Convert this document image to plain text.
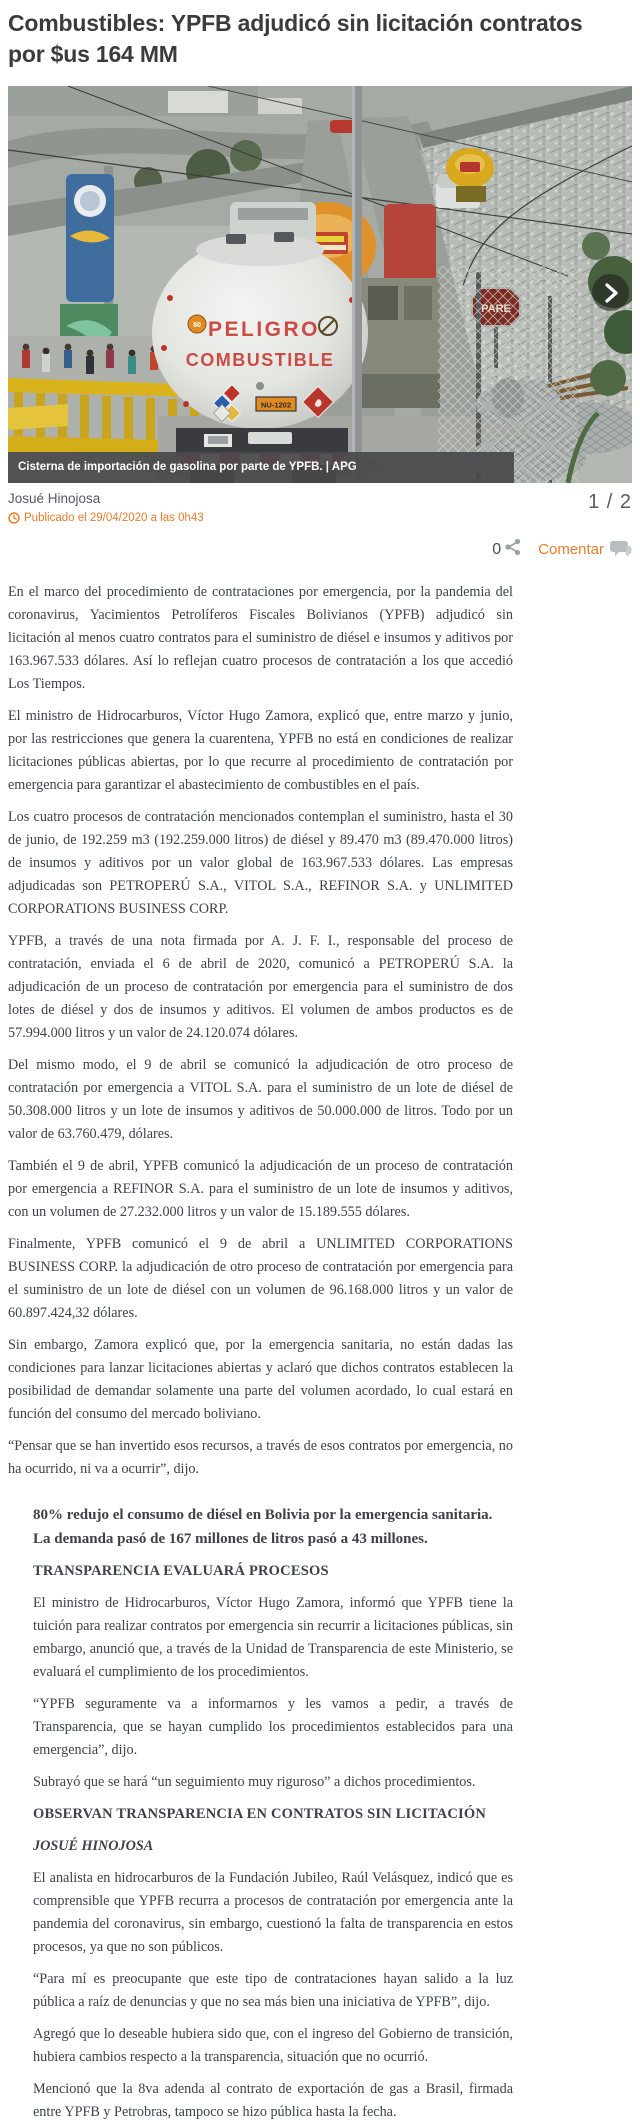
Combustibles: YPFB adjudicó sin licitación contratos por $us 164 MM
80 PELIGRO
COMBUSTIBLE
NU-1202
Cisterna de importación de gasolina por parte de YPFB. | APG
Josué Hinojosa
Publicado el 29/04/2020 a las 0h43
1 / 2
0 Comentar

En el marco del procedimiento de contrataciones por emergencia, por la pandemia del coronavirus, Yacimientos Petrolíferos Fiscales Bolivianos (YPFB) adjudicó sin licitación al menos cuatro contratos para el suministro de diésel e insumos y aditivos por 163.967.533 dólares. Así lo reflejan cuatro procesos de contratación a los que accedió Los Tiempos.

El ministro de Hidrocarburos, Víctor Hugo Zamora, explicó que, entre marzo y junio, por las restricciones que genera la cuarentena, YPFB no está en condiciones de realizar licitaciones públicas abiertas, por lo que recurre al procedimiento de contratación por emergencia para garantizar el abastecimiento de combustibles en el país.

Los cuatro procesos de contratación mencionados contemplan el suministro, hasta el 30 de junio, de 192.259 m3 (192.259.000 litros) de diésel y 89.470 m3 (89.470.000 litros) de insumos y aditivos por un valor global de 163.967.533 dólares. Las empresas adjudicadas son PETROPERÚ S.A., VITOL S.A., REFINOR S.A. y UNLIMITED CORPORATIONS BUSINESS CORP.

YPFB, a través de una nota firmada por A. J. F. I., responsable del proceso de contratación, enviada el 6 de abril de 2020, comunicó a PETROPERÚ S.A. la adjudicación de un proceso de contratación por emergencia para el suministro de dos lotes de diésel y dos de insumos y aditivos. El volumen de ambos productos es de 57.994.000 litros y un valor de 24.120.074 dólares.

Del mismo modo, el 9 de abril se comunicó la adjudicación de otro proceso de contratación por emergencia a VITOL S.A. para el suministro de un lote de diésel de 50.308.000 litros y un lote de insumos y aditivos de 50.000.000 de litros. Todo por un valor de 63.760.479, dólares.

También el 9 de abril, YPFB comunicó la adjudicación de un proceso de contratación por emergencia a REFINOR S.A. para el suministro de un lote de insumos y aditivos, con un volumen de 27.232.000 litros y un valor de 15.189.555 dólares.

Finalmente, YPFB comunicó el 9 de abril a UNLIMITED CORPORATIONS BUSINESS CORP. la adjudicación de otro proceso de contratación por emergencia para el suministro de un lote de diésel con un volumen de 96.168.000 litros y un valor de 60.897.424,32 dólares.

Sin embargo, Zamora explicó que, por la emergencia sanitaria, no están dadas las condiciones para lanzar licitaciones abiertas y aclaró que dichos contratos establecen la posibilidad de demandar solamente una parte del volumen acordado, lo cual estará en función del consumo del mercado boliviano.

“Pensar que se han invertido esos recursos, a través de esos contratos por emergencia, no ha ocurrido, ni va a ocurrir”, dijo.

80% redujo el consumo de diésel en Bolivia por la emergencia sanitaria. La demanda pasó de 167 millones de litros pasó a 43 millones.

TRANSPARENCIA EVALUARÁ PROCESOS

El ministro de Hidrocarburos, Víctor Hugo Zamora, informó que YPFB tiene la tuición para realizar contratos por emergencia sin recurrir a licitaciones públicas, sin embargo, anunció que, a través de la Unidad de Transparencia de este Ministerio, se evaluará el cumplimiento de los procedimientos.

“YPFB seguramente va a informarnos y les vamos a pedir, a través de Transparencia, que se hayan cumplido los procedimientos establecidos para una emergencia”, dijo.

Subrayó que se hará “un seguimiento muy riguroso” a dichos procedimientos.

OBSERVAN TRANSPARENCIA EN CONTRATOS SIN LICITACIÓN

JOSUÉ HINOJOSA

El analista en hidrocarburos de la Fundación Jubileo, Raúl Velásquez, indicó que es comprensible que YPFB recurra a procesos de contratación por emergencia ante la pandemia del coronavirus, sin embargo, cuestionó la falta de transparencia en estos procesos, ya que no son públicos.

“Para mí es preocupante que este tipo de contrataciones hayan salido a la luz pública a raíz de denuncias y que no sea más bien una iniciativa de YPFB”, dijo.

Agregó que lo deseable hubiera sido que, con el ingreso del Gobierno de transición, hubiera cambios respecto a la transparencia, situación que no ocurrió.

Mencionó que la 8va adenda al contrato de exportación de gas a Brasil, firmada entre YPFB y Petrobras, tampoco se hizo pública hasta la fecha.
